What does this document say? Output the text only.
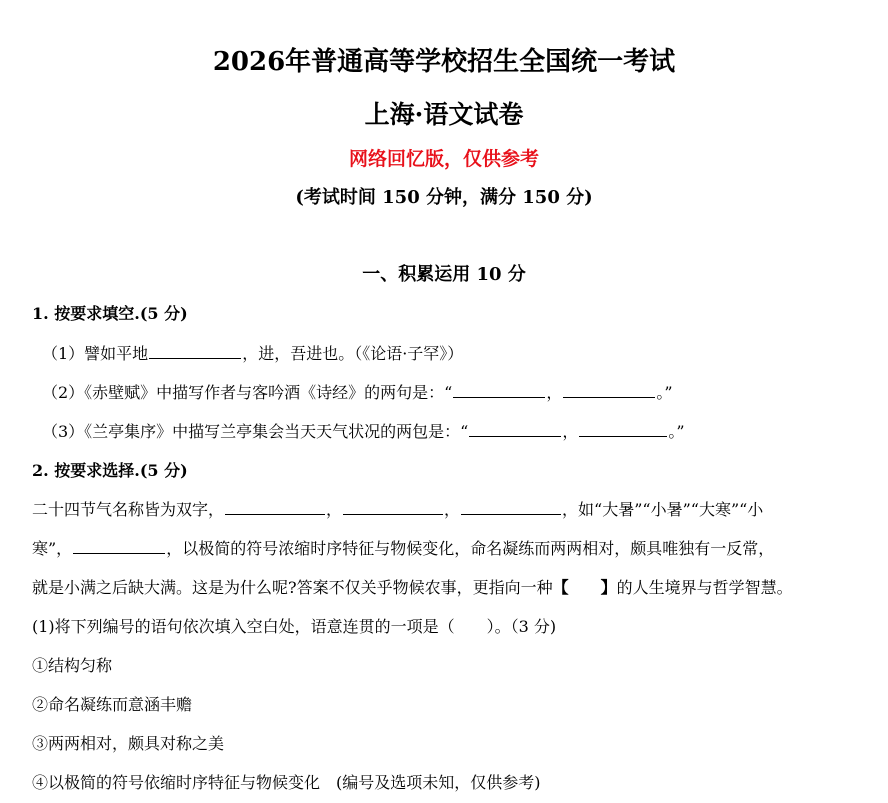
2026年普通高等学校招生全国统一考试
上海·语文试卷
网络回忆版，仅供参考
(考试时间 150 分钟，满分 150 分)
一、积累运用 10 分
1. 按要求填空.(5 分)
（1）譬如平地	，进，吾进也。（《论语·子罕》）
（2）《赤壁赋》中描写作者与客吟酒《诗经》的两句是：“	，	。”
（3）《兰亭集序》中描写兰亭集会当天天气状况的两包是：“	，	。”
2. 按要求选择.(5 分)
二十四节气名称皆为双字，	，	，	，如“大暑”“小暑”“大寒”“小
寒”，	，以极简的符号浓缩时序特征与物候变化，命名凝练而两两相对，颇具唯独有一反常，
就是小满之后缺大满。这是为什么呢?答案不仅关乎物候农事，更指向一种【　　】的人生境界与哲学智慧。
(1)将下列编号的语句依次填入空白处，语意连贯的一项是（　　）。（3 分)
①结构匀称
②命名凝练而意涵丰赡
③两两相对，颇具对称之美
④以极简的符号依缩时序特征与物候变化　(编号及选项未知，仅供参考)
